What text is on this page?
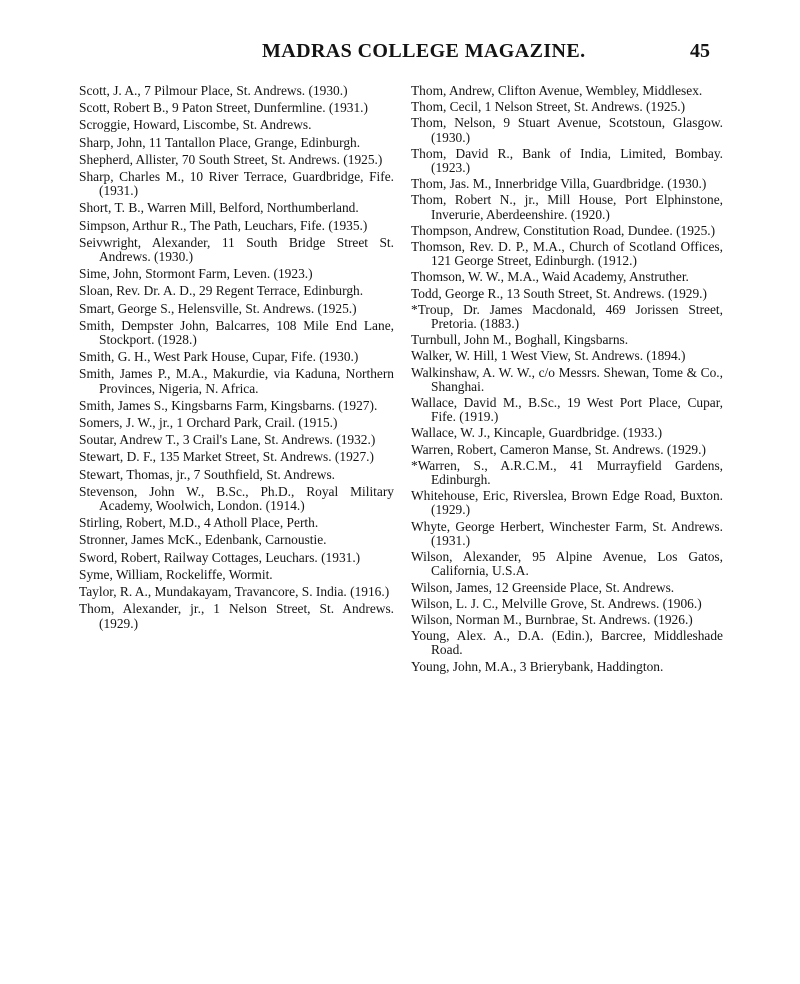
MADRAS COLLEGE MAGAZINE.	45

Scott, J. A., 7 Pilmour Place, St. Andrews. (1930.)

Scott, Robert B., 9 Paton Street, Dunfermline. (1931.)

Scroggie, Howard, Liscombe, St. Andrews.

Sharp, John, 11 Tantallon Place, Grange, Edinburgh.

Shepherd, Allister, 70 South Street, St. Andrews. (1925.)

Sharp, Charles M., 10 River Terrace, Guardbridge, Fife. (1931.)

Short, T. B., Warren Mill, Belford, Northumberland.

Simpson, Arthur R., The Path, Leuchars, Fife. (1935.)

Seivwright, Alexander, 11 South Bridge Street St. Andrews. (1930.)

Sime, John, Stormont Farm, Leven. (1923.)

Sloan, Rev. Dr. A. D., 29 Regent Terrace, Edinburgh.

Smart, George S., Helensville, St. Andrews. (1925.)

Smith, Dempster John, Balcarres, 108 Mile End Lane, Stockport. (1928.)

Smith, G. H., West Park House, Cupar, Fife. (1930.)

Smith, James P., M.A., Makurdie, via Kaduna, Northern Provinces, Nigeria, N. Africa.

Smith, James S., Kingsbarns Farm, Kingsbarns. (1927).

Somers, J. W., jr., 1 Orchard Park, Crail. (1915.)

Soutar, Andrew T., 3 Crail's Lane, St. Andrews. (1932.)

Stewart, D. F., 135 Market Street, St. Andrews. (1927.)

Stewart, Thomas, jr., 7 Southfield, St. Andrews.

Stevenson, John W., B.Sc., Ph.D., Royal Military Academy, Woolwich, London. (1914.)

Stirling, Robert, M.D., 4 Atholl Place, Perth.

Stronner, James McK., Edenbank, Carnoustie.

Sword, Robert, Railway Cottages, Leuchars. (1931.)

Syme, William, Rockeliffe, Wormit.

Taylor, R. A., Mundakayam, Travancore, S. India. (1916.)

Thom, Alexander, jr., 1 Nelson Street, St. Andrews. (1929.)

Thom, Andrew, Clifton Avenue, Wembley, Middlesex.

Thom, Cecil, 1 Nelson Street, St. Andrews. (1925.)

Thom, Nelson, 9 Stuart Avenue, Scotstoun, Glasgow. (1930.)

Thom, David R., Bank of India, Limited, Bombay. (1923.)

Thom, Jas. M., Innerbridge Villa, Guardbridge. (1930.)

Thom, Robert N., jr., Mill House, Port Elphinstone, Inverurie, Aberdeenshire. (1920.)

Thompson, Andrew, Constitution Road, Dundee. (1925.)

Thomson, Rev. D. P., M.A., Church of Scotland Offices, 121 George Street, Edinburgh. (1912.)

Thomson, W. W., M.A., Waid Academy, Anstruther.

Todd, George R., 13 South Street, St. Andrews. (1929.)

*Troup, Dr. James Macdonald, 469 Jorissen Street, Pretoria. (1883.)

Turnbull, John M., Boghall, Kingsbarns.

Walker, W. Hill, 1 West View, St. Andrews. (1894.)

Walkinshaw, A. W. W., c/o Messrs. Shewan, Tome & Co., Shanghai.

Wallace, David M., B.Sc., 19 West Port Place, Cupar, Fife. (1919.)

Wallace, W. J., Kincaple, Guardbridge. (1933.)

Warren, Robert, Cameron Manse, St. Andrews. (1929.)

*Warren, S., A.R.C.M., 41 Murrayfield Gardens, Edinburgh.

Whitehouse, Eric, Riverslea, Brown Edge Road, Buxton. (1929.)

Whyte, George Herbert, Winchester Farm, St. Andrews. (1931.)

Wilson, Alexander, 95 Alpine Avenue, Los Gatos, California, U.S.A.

Wilson, James, 12 Greenside Place, St. Andrews.

Wilson, L. J. C., Melville Grove, St. Andrews. (1906.)

Wilson, Norman M., Burnbrae, St. Andrews. (1926.)

Young, Alex. A., D.A. (Edin.), Barcree, Middleshade Road.

Young, John, M.A., 3 Brierybank, Haddington.
